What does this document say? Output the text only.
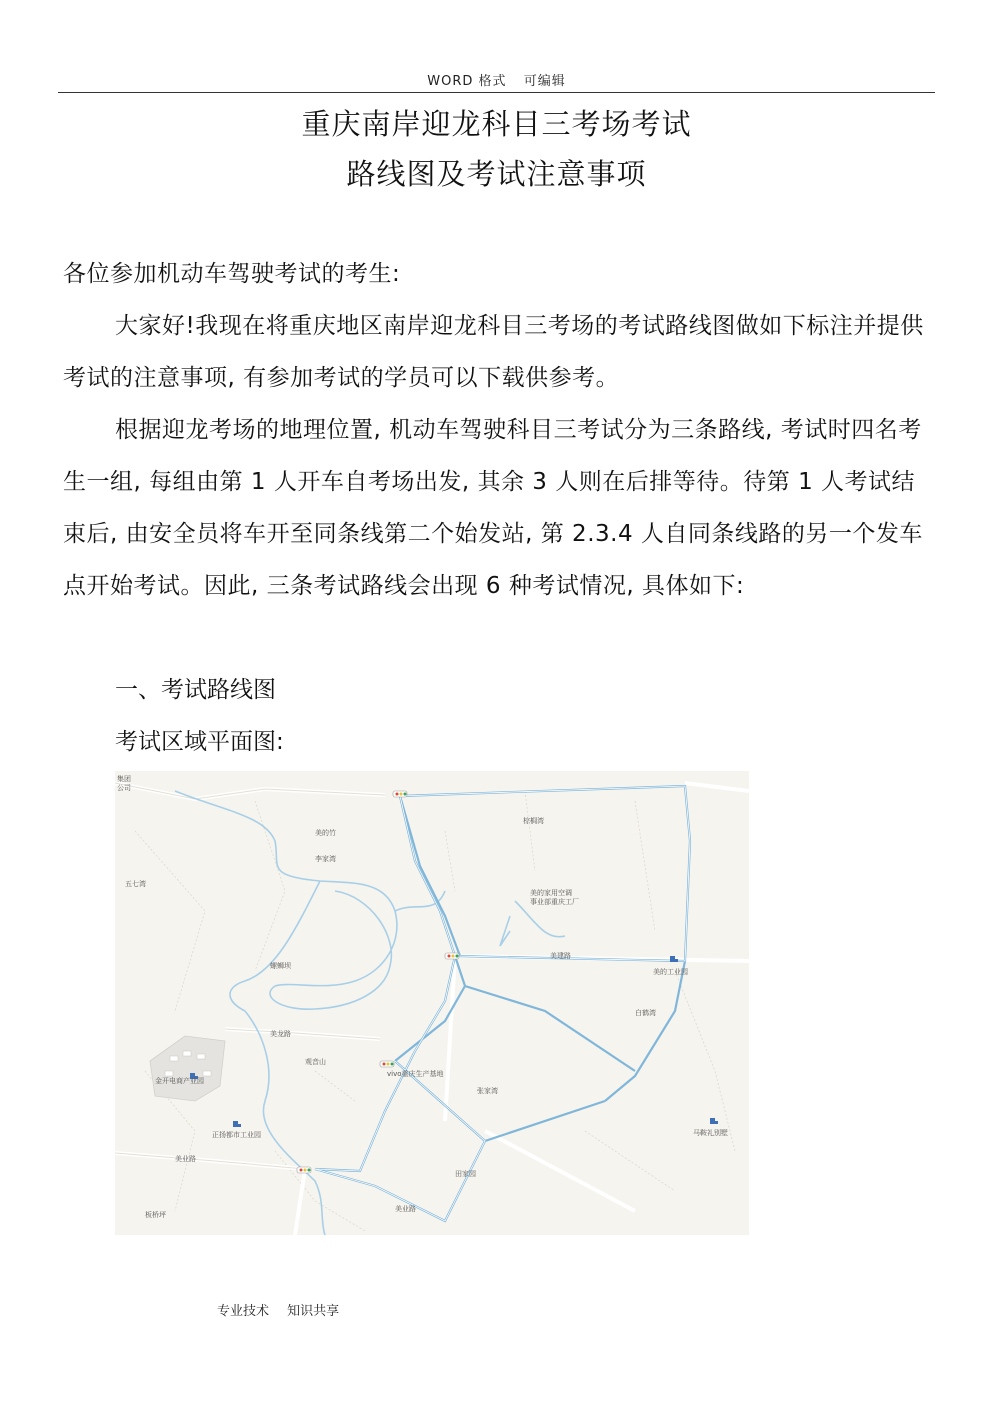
WORD 格式 可编辑
重庆南岸迎龙科目三考场考试
路线图及考试注意事项
各位参加机动车驾驶考试的考生:
大家好!我现在将重庆地区南岸迎龙科目三考场的考试路线图做如下标注并提供考试的注意事项, 有参加考试的学员可以下载供参考。
根据迎龙考场的地理位置, 机动车驾驶科目三考试分为三条路线, 考试时四名考生一组, 每组由第 1 人开车自考场出发, 其余 3 人则在后排等待。待第 1 人考试结束后, 由安全员将车开至同条线第二个始发站, 第 2.3.4 人自同条线路的另一个发车点开始考试。因此, 三条考试路线会出现 6 种考试情况, 具体如下:
一、考试路线图
考试区域平面图:
美的竹
棕榈湾
李家湾
五七湾
美的家用空调
事业部重庆工厂
美建路
美的工业园
螺蛳坝
美龙路
金开电商产业园
观音山
vivo重庆生产基地
张家湾
马鞍礼别墅
正扬都市工业园
美业路
板桥坪
田家园
美业路
集团
公司
白鹤湾
专业技术 知识共享
